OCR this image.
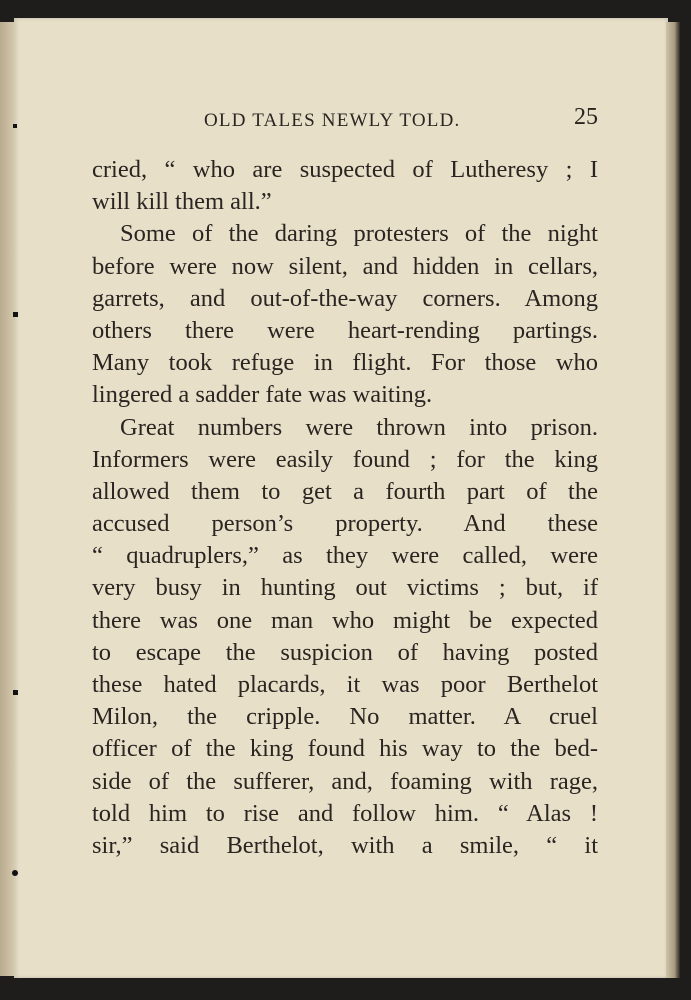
OLD TALES NEWLY TOLD.	25
cried, “ who are suspected of Lutheresy ; I
will kill them all.”
Some of the daring protesters of the night
before were now silent, and hidden in cellars,
garrets, and out-of-the-way corners. Among
others there were heart-rending partings.
Many took refuge in flight. For those who
lingered a sadder fate was waiting.
Great numbers were thrown into prison.
Informers were easily found ; for the king
allowed them to get a fourth part of the
accused person’s property. And these
“ quadruplers,” as they were called, were
very busy in hunting out victims ; but, if
there was one man who might be expected
to escape the suspicion of having posted
these hated placards, it was poor Berthelot
Milon, the cripple. No matter. A cruel
officer of the king found his way to the bed-
side of the sufferer, and, foaming with rage,
told him to rise and follow him. “ Alas !
sir,” said Berthelot, with a smile, “ it
